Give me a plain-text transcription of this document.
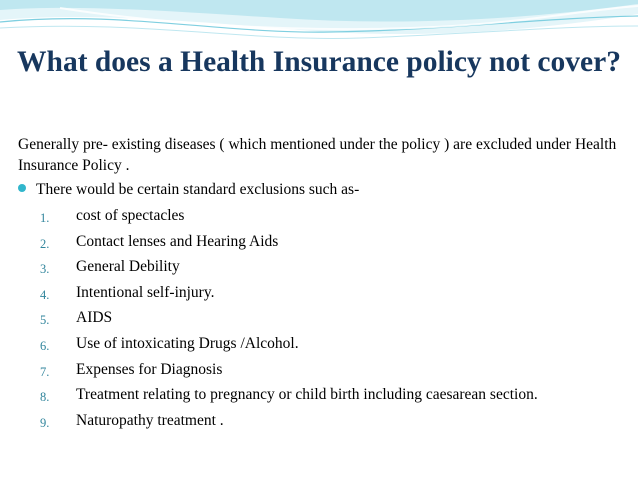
What does a Health Insurance policy not cover?

Generally pre- existing diseases ( which mentioned under the policy ) are excluded under Health Insurance Policy .

There would be certain standard exclusions such as-

1. cost of spectacles
2. Contact lenses and Hearing Aids
3. General Debility
4. Intentional self-injury.
5. AIDS
6. Use of intoxicating Drugs /Alcohol.
7. Expenses for Diagnosis
8. Treatment relating to pregnancy or child birth including caesarean section.
9. Naturopathy treatment .
